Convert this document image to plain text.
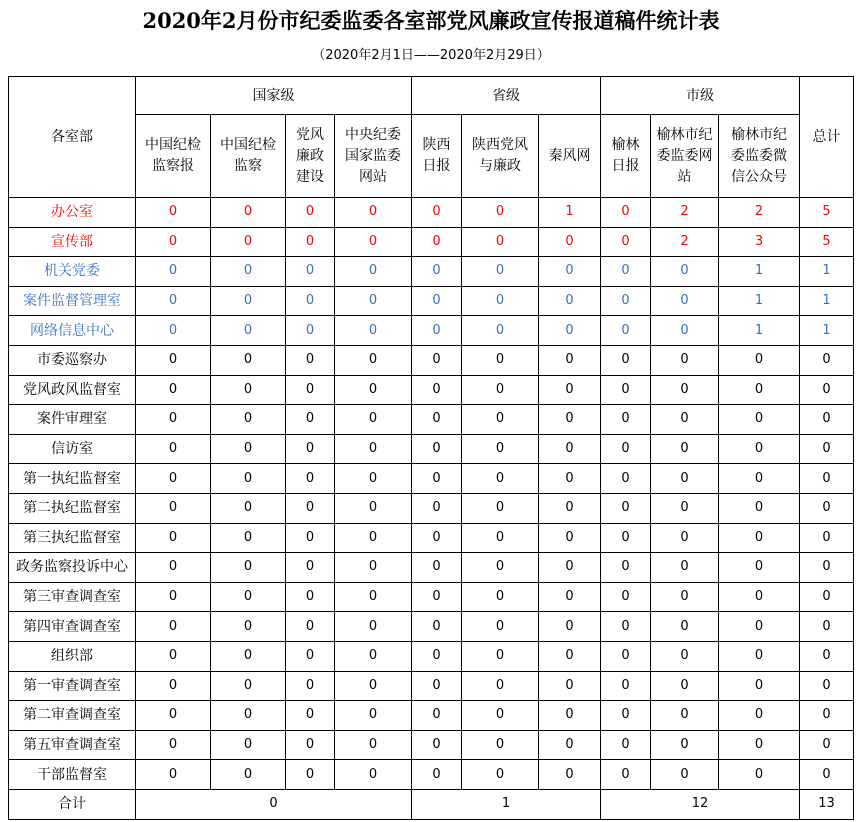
2020年2月份市纪委监委各室部党风廉政宣传报道稿件统计表
（2020年2月1日——2020年2月29日）
各室部	国家级				省级			市级			总计
	中国纪检监察报	中国纪检监察	党风廉政建设	中央纪委国家监委网站	陕西日报	陕西党风与廉政	秦风网	榆林日报	榆林市纪委监委网站	榆林市纪委监委微信公众号	
办公室	0	0	0	0	0	0	1	0	2	2	5
宣传部	0	0	0	0	0	0	0	0	2	3	5
机关党委	0	0	0	0	0	0	0	0	0	1	1
案件监督管理室	0	0	0	0	0	0	0	0	0	1	1
网络信息中心	0	0	0	0	0	0	0	0	0	1	1
市委巡察办	0	0	0	0	0	0	0	0	0	0	0
党风政风监督室	0	0	0	0	0	0	0	0	0	0	0
案件审理室	0	0	0	0	0	0	0	0	0	0	0
信访室	0	0	0	0	0	0	0	0	0	0	0
第一执纪监督室	0	0	0	0	0	0	0	0	0	0	0
第二执纪监督室	0	0	0	0	0	0	0	0	0	0	0
第三执纪监督室	0	0	0	0	0	0	0	0	0	0	0
政务监察投诉中心	0	0	0	0	0	0	0	0	0	0	0
第三审查调查室	0	0	0	0	0	0	0	0	0	0	0
第四审查调查室	0	0	0	0	0	0	0	0	0	0	0
组织部	0	0	0	0	0	0	0	0	0	0	0
第一审查调查室	0	0	0	0	0	0	0	0	0	0	0
第二审查调查室	0	0	0	0	0	0	0	0	0	0	0
第五审查调查室	0	0	0	0	0	0	0	0	0	0	0
干部监督室	0	0	0	0	0	0	0	0	0	0	0
合计	0				1			12			13
